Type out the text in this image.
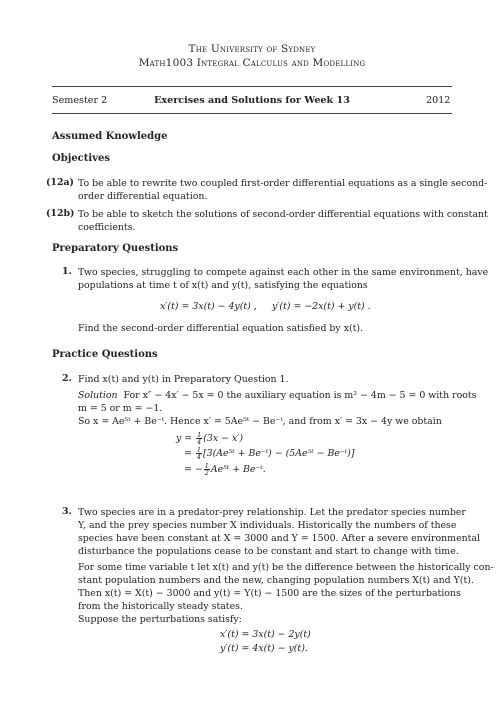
The University of Sydney
Math1003 Integral Calculus and Modelling
Semester 2	Exercises and Solutions for Week 13	2012
Assumed Knowledge
Objectives
(12a) To be able to rewrite two coupled first-order differential equations as a single second-
order differential equation.
(12b) To be able to sketch the solutions of second-order differential equations with constant
coefficients.
Preparatory Questions
1. Two species, struggling to compete against each other in the same environment, have
populations at time t of x(t) and y(t), satisfying the equations
x′(t) = 3x(t) − 4y(t) , y′(t) = −2x(t) + y(t) .
Find the second-order differential equation satisfied by x(t).
Practice Questions
2. Find x(t) and y(t) in Preparatory Question 1.
Solution For x″ − 4x′ − 5x = 0 the auxiliary equation is m² − 4m − 5 = 0 with roots
m = 5 or m = −1.
So x = Ae⁵ᵗ + Be⁻ᵗ. Hence x′ = 5Ae⁵ᵗ − Be⁻ᵗ, and from x′ = 3x − 4y we obtain
$y = \frac{1}{4} (3x - x')$
= $\frac{1}{4}$ [3(Ae⁵ᵗ + Be⁻ᵗ) − (5Ae⁵ᵗ − Be⁻ᵗ)]
= − $\frac{1}{2}$ Ae⁵ᵗ + Be⁻ᵗ.
3. Two species are in a predator-prey relationship. Let the predator species number
Y, and the prey species number X individuals. Historically the numbers of these
species have been constant at X = 3000 and Y = 1500. After a severe environmental
disturbance the populations cease to be constant and start to change with time.
For some time variable t let x(t) and y(t) be the difference between the historically con-
stant population numbers and the new, changing population numbers X(t) and Y(t).
Then x(t) = X(t) − 3000 and y(t) = Y(t) − 1500 are the sizes of the perturbations
from the historically steady states.
Suppose the perturbations satisfy:
x′(t) = 3x(t) − 2y(t)
y′(t) = 4x(t) − y(t).
